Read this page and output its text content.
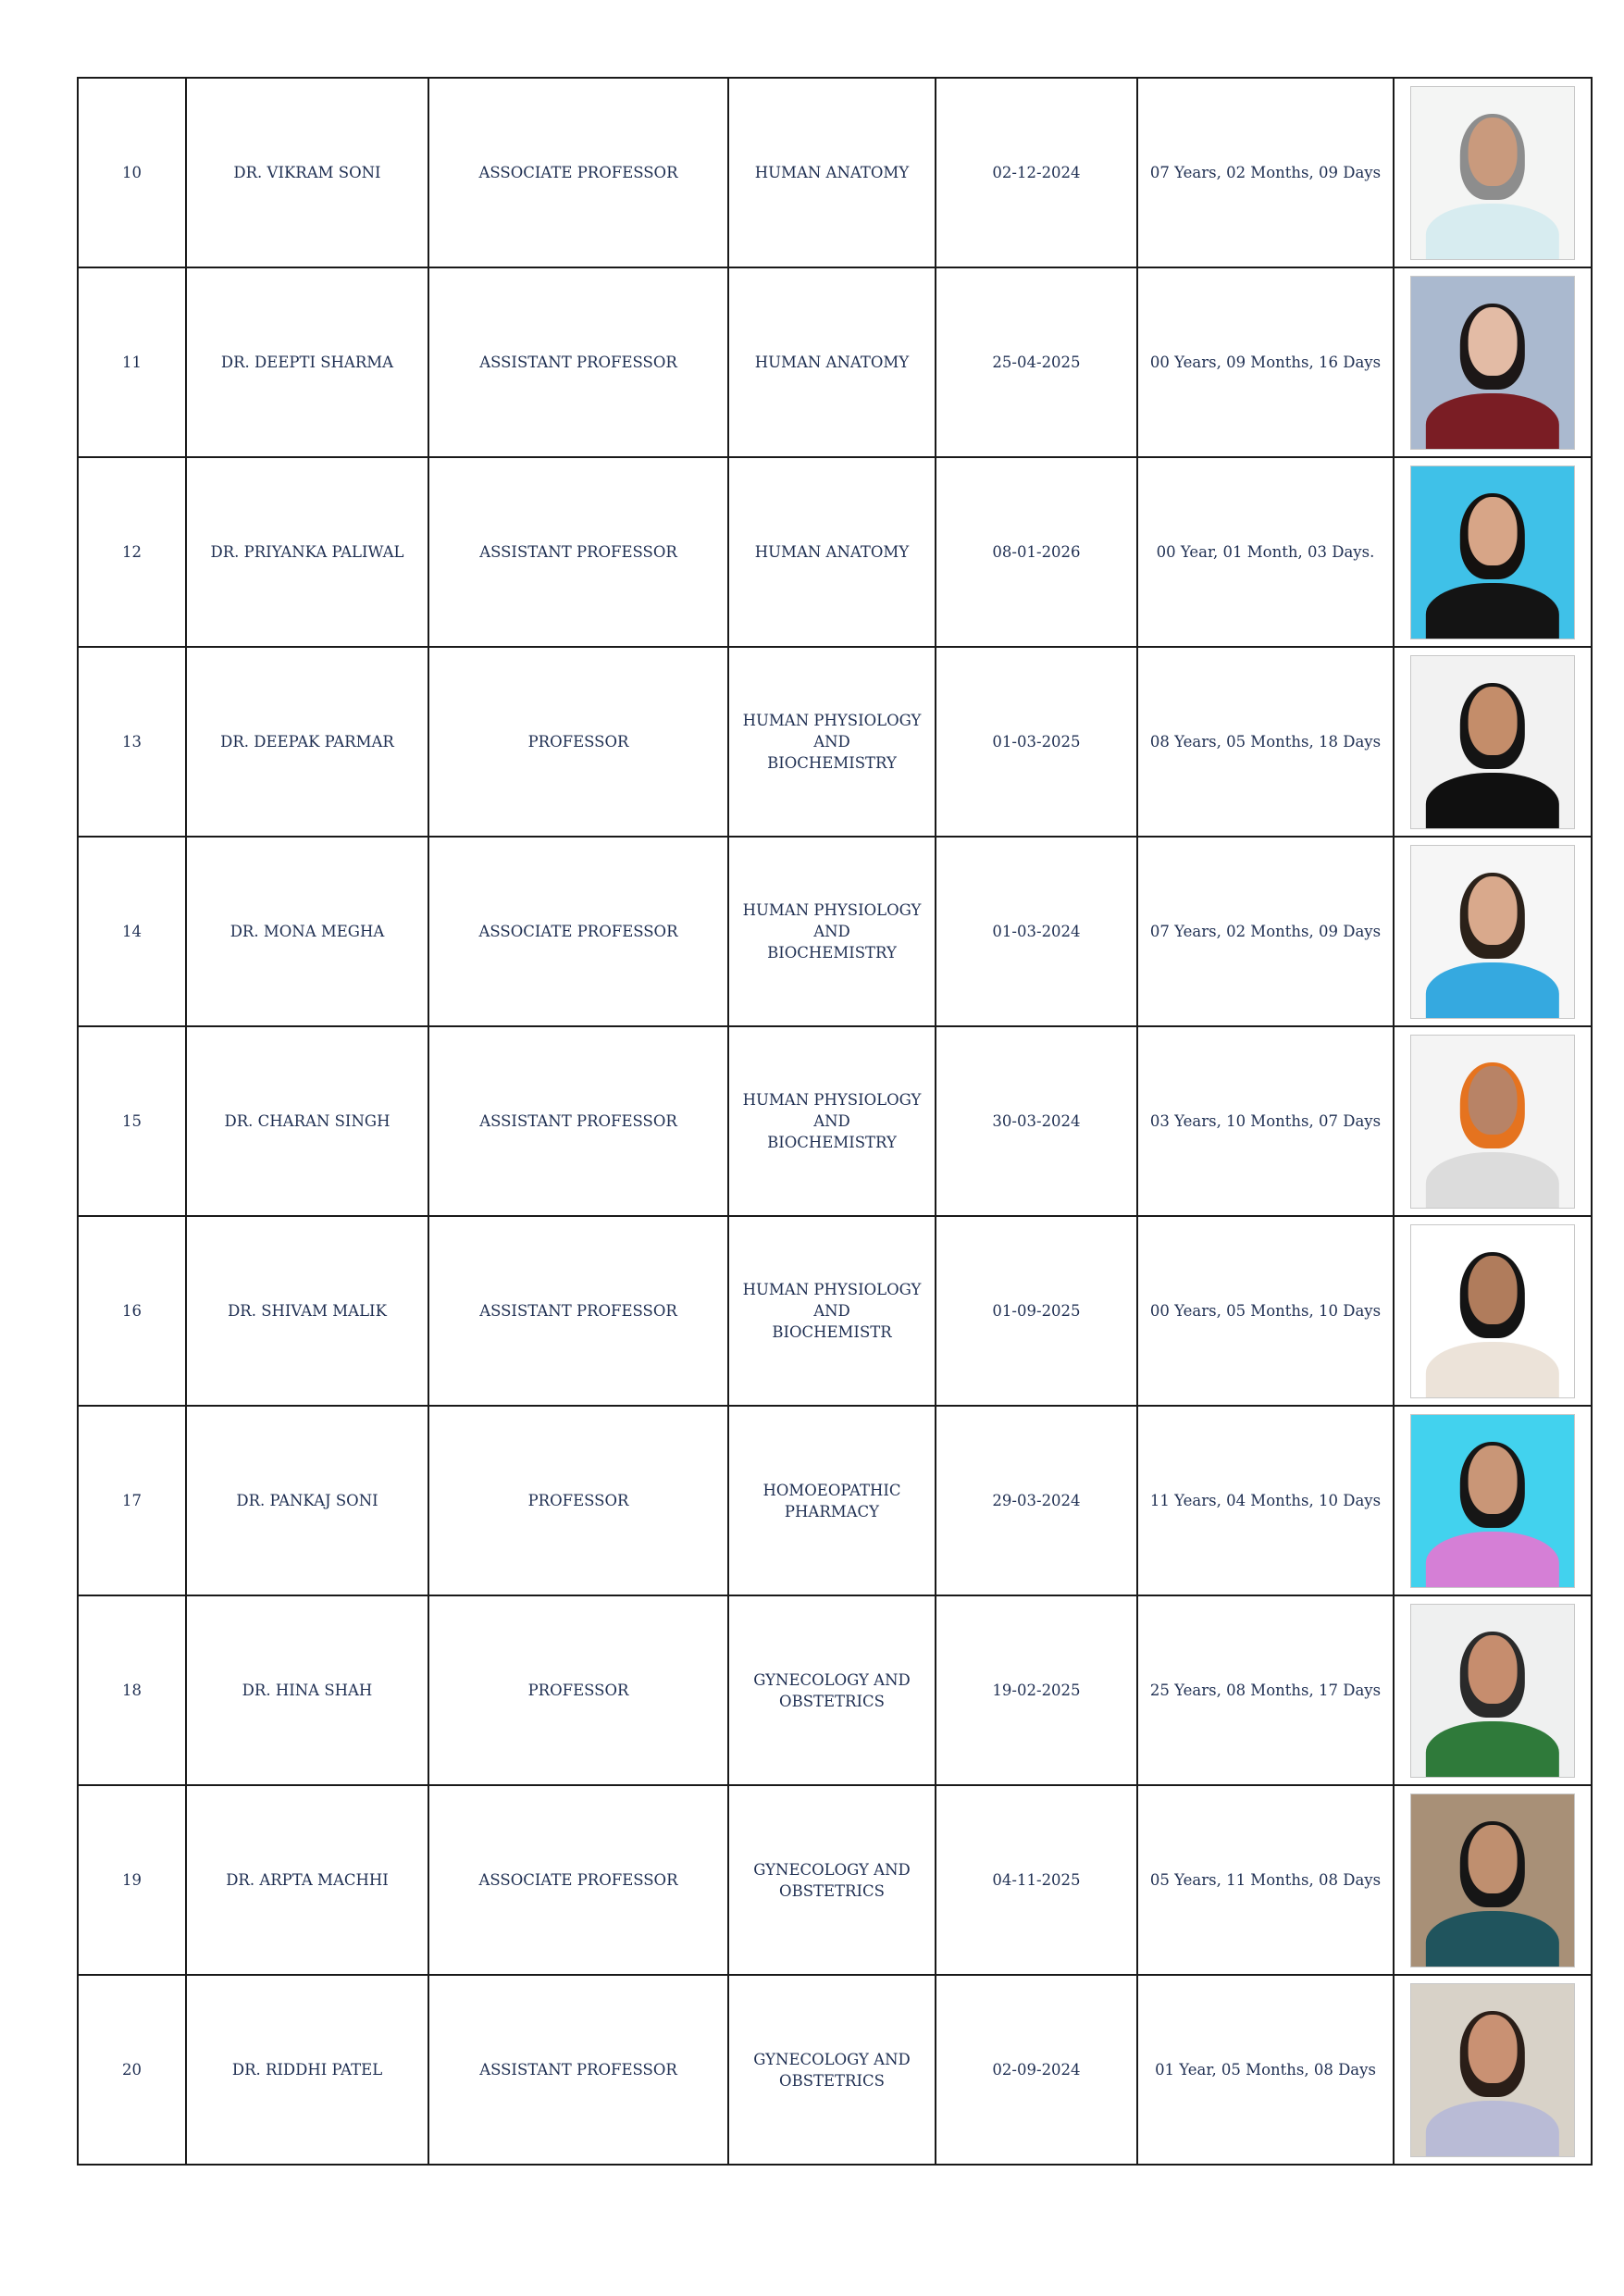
10	DR. VIKRAM SONI	ASSOCIATE PROFESSOR	HUMAN ANATOMY	02-12-2024	07 Years, 02 Months, 09 Days	

11	DR. DEEPTI SHARMA	ASSISTANT PROFESSOR	HUMAN ANATOMY	25-04-2025	00 Years, 09 Months, 16 Days	

12	DR. PRIYANKA PALIWAL	ASSISTANT PROFESSOR	HUMAN ANATOMY	08-01-2026	00 Year, 01 Month, 03 Days.	

13	DR. DEEPAK PARMAR	PROFESSOR	HUMAN PHYSIOLOGY AND
BIOCHEMISTRY	01-03-2025	08 Years, 05 Months, 18 Days	

14	DR. MONA MEGHA	ASSOCIATE PROFESSOR	HUMAN PHYSIOLOGY AND
BIOCHEMISTRY	01-03-2024	07 Years, 02 Months, 09 Days	

15	DR. CHARAN SINGH	ASSISTANT PROFESSOR	HUMAN PHYSIOLOGY AND
BIOCHEMISTRY	30-03-2024	03 Years, 10 Months, 07 Days	

16	DR. SHIVAM MALIK	ASSISTANT PROFESSOR	HUMAN PHYSIOLOGY AND
BIOCHEMISTR	01-09-2025	00 Years, 05 Months, 10 Days	

17	DR. PANKAJ SONI	PROFESSOR	HOMOEOPATHIC
PHARMACY	29-03-2024	11 Years, 04 Months, 10 Days	

18	DR. HINA SHAH	PROFESSOR	GYNECOLOGY AND
OBSTETRICS	19-02-2025	25 Years, 08 Months, 17 Days	

19	DR. ARPTA MACHHI	ASSOCIATE PROFESSOR	GYNECOLOGY AND
OBSTETRICS	04-11-2025	05 Years, 11 Months, 08 Days	

20	DR. RIDDHI PATEL	ASSISTANT PROFESSOR	GYNECOLOGY AND
OBSTETRICS	02-09-2024	01 Year, 05 Months, 08 Days	
